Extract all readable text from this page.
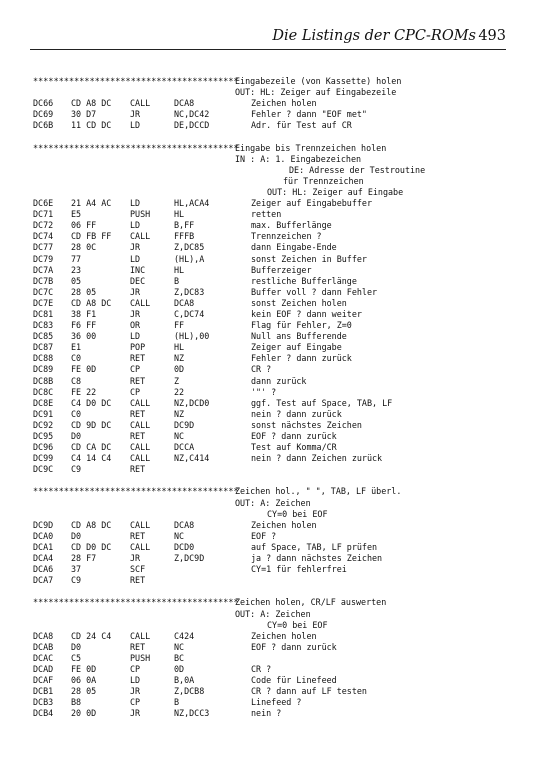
Die Listings der CPC-ROMs 493
****************************************
Eingabezeile (von Kassette) holen
OUT: HL: Zeiger auf Eingabezeile
DC66 CD A8 DC CALL	DCA8	Zeichen holen
DC69 30 D7	JR	NC,DC42	Fehler ? dann "EOF met"
DC6B 11 CD DC LD	DE,DCCD	Adr. für Test auf CR
****************************************
Eingabe bis Trennzeichen holen
IN : A: 1. Eingabezeichen
DE: Adresse der Testroutine
für Trennzeichen
OUT: HL: Zeiger auf Eingabe
DC6E 21 A4 AC LD	HL,ACA4	Zeiger auf Eingabebuffer
DC71 E5	PUSH	HL	retten
DC72 06 FF	LD	B,FF	max. Bufferlänge
DC74 CD FB FF CALL	FFFB	Trennzeichen ?
DC77 28 0C	JR	Z,DC85	dann Eingabe-Ende
DC79 77	LD	(HL),A	sonst Zeichen in Buffer
DC7A 23	INC	HL	Bufferzeiger
DC7B 05	DEC	B	restliche Bufferlänge
DC7C 28 05	JR	Z,DC83	Buffer voll ? dann Fehler
DC7E CD A8 DC CALL	DCA8	sonst Zeichen holen
DC81 38 F1	JR	C,DC74	kein EOF ? dann weiter
DC83 F6 FF	OR	FF	Flag für Fehler, Z=0
DC85 36 00	LD	(HL),00	Null ans Bufferende
DC87 E1	POP	HL	Zeiger auf Eingabe
DC88 C0	RET	NZ	Fehler ? dann zurück
DC89 FE 0D	CP	0D	CR ?
DC8B C8	RET	Z	dann zurück
DC8C FE 22	CP	22	'"' ?
DC8E C4 D0 DC CALL	NZ,DCD0	ggf. Test auf Space, TAB, LF
DC91 C0	RET	NZ	nein ? dann zurück
DC92 CD 9D DC CALL	DC9D	sonst nächstes Zeichen
DC95 D0	RET	NC	EOF ? dann zurück
DC96 CD CA DC CALL	DCCA	Test auf Komma/CR
DC99 C4 14 C4 CALL	NZ,C414	nein ? dann Zeichen zurück
DC9C C9	RET
****************************************
Zeichen hol., " ", TAB, LF überl.
OUT: A: Zeichen
CY=0 bei EOF
DC9D CD A8 DC CALL	DCA8	Zeichen holen
DCA0 D0	RET	NC	EOF ?
DCA1 CD D0 DC CALL	DCD0	auf Space, TAB, LF prüfen
DCA4 28 F7	JR	Z,DC9D	ja ? dann nächstes Zeichen
DCA6 37	SCF	CY=1 für fehlerfrei
DCA7 C9	RET
****************************************
Zeichen holen, CR/LF auswerten
OUT: A: Zeichen
CY=0 bei EOF
DCA8 CD 24 C4 CALL	C424	Zeichen holen
DCAB D0	RET	NC	EOF ? dann zurück
DCAC C5	PUSH	BC
DCAD FE 0D	CP	0D	CR ?
DCAF 06 0A	LD	B,0A	Code für Linefeed
DCB1 28 05	JR	Z,DCB8	CR ? dann auf LF testen
DCB3 B8	CP	B	Linefeed ?
DCB4 20 0D	JR	NZ,DCC3	nein ?
